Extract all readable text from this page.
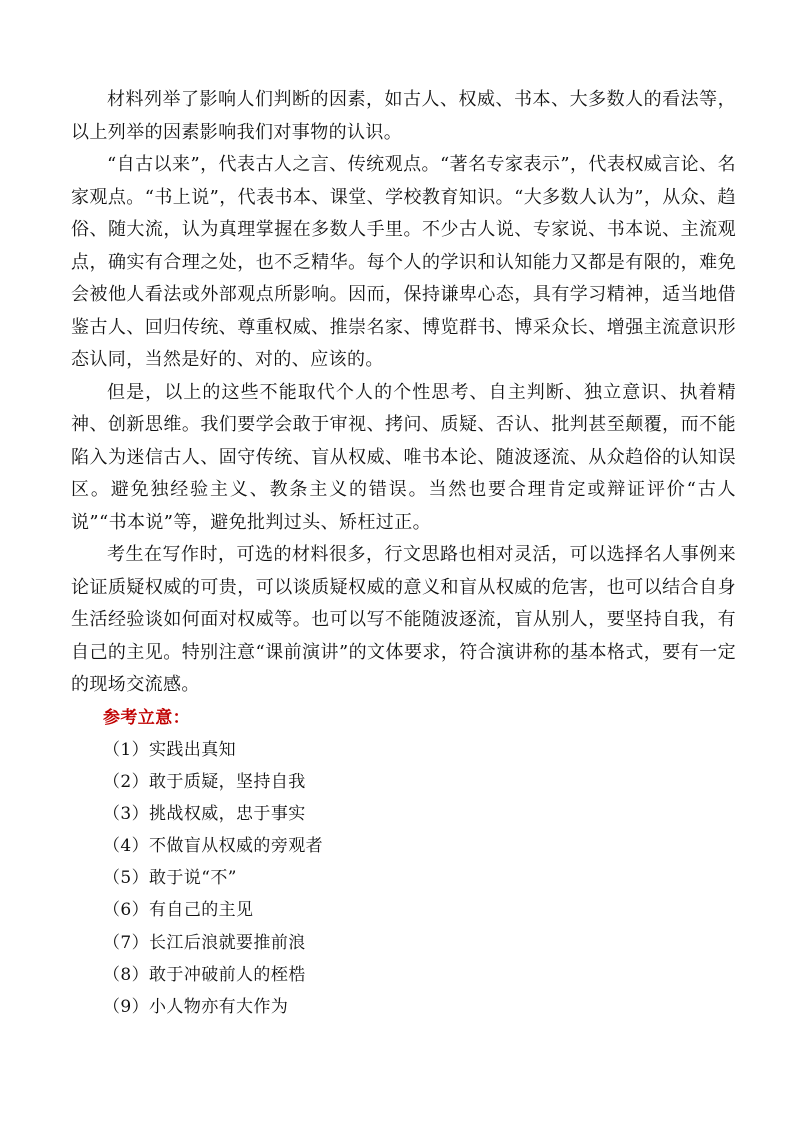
材料列举了影响人们判断的因素，如古人、权威、书本、大多数人的看法等，以上列举的因素影响我们对事物的认识。

“自古以来”，代表古人之言、传统观点。“著名专家表示”，代表权威言论、名家观点。“书上说”，代表书本、课堂、学校教育知识。“大多数人认为”，从众、趋俗、随大流，认为真理掌握在多数人手里。不少古人说、专家说、书本说、主流观点，确实有合理之处，也不乏精华。每个人的学识和认知能力又都是有限的，难免会被他人看法或外部观点所影响。因而，保持谦卑心态，具有学习精神，适当地借鉴古人、回归传统、尊重权威、推崇名家、博览群书、博采众长、增强主流意识形态认同，当然是好的、对的、应该的。

但是，以上的这些不能取代个人的个性思考、自主判断、独立意识、执着精神、创新思维。我们要学会敢于审视、拷问、质疑、否认、批判甚至颠覆，而不能陷入为迷信古人、固守传统、盲从权威、唯书本论、随波逐流、从众趋俗的认知误区。避免独经验主义、教条主义的错误。当然也要合理肯定或辩证评价“古人说”“书本说”等，避免批判过头、矫枉过正。

考生在写作时，可选的材料很多，行文思路也相对灵活，可以选择名人事例来论证质疑权威的可贵，可以谈质疑权威的意义和盲从权威的危害，也可以结合自身生活经验谈如何面对权威等。也可以写不能随波逐流，盲从别人，要坚持自我，有自己的主见。特别注意“课前演讲”的文体要求，符合演讲称的基本格式，要有一定的现场交流感。

参考立意：

（1）实践出真知
（2）敢于质疑，坚持自我
（3）挑战权威，忠于事实
（4）不做盲从权威的旁观者
（5）敢于说“不”
（6）有自己的主见
（7）长江后浪就要推前浪
（8）敢于冲破前人的桎梏
（9）小人物亦有大作为
